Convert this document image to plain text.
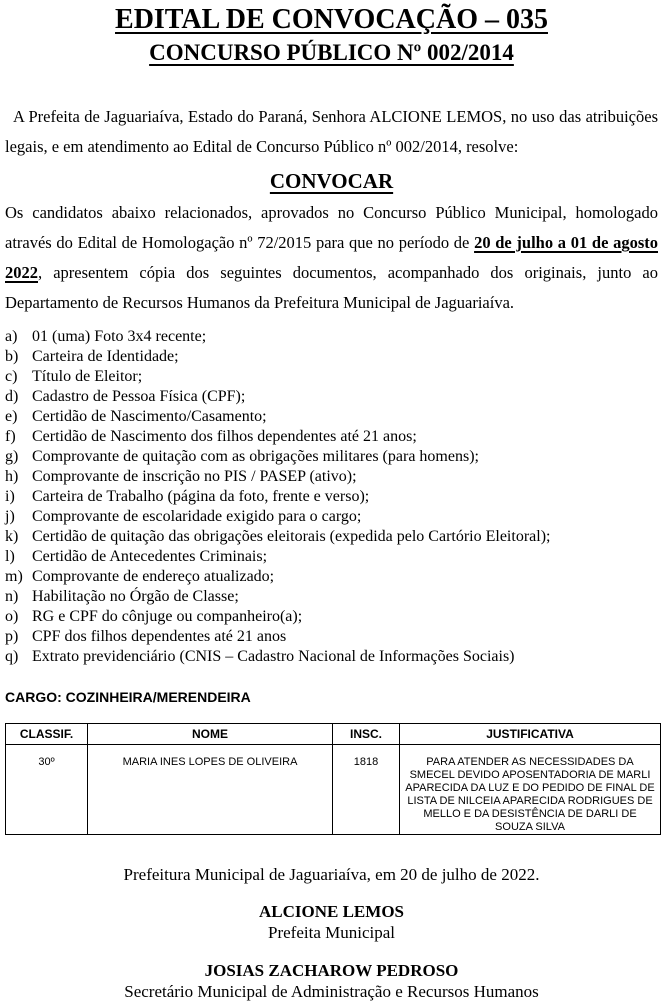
EDITAL DE CONVOCAÇÃO – 035
CONCURSO PÚBLICO Nº 002/2014

A Prefeita de Jaguariaíva, Estado do Paraná, Senhora ALCIONE LEMOS, no uso das atribuições legais, e em atendimento ao Edital de Concurso Público nº 002/2014, resolve:

CONVOCAR

Os candidatos abaixo relacionados, aprovados no Concurso Público Municipal, homologado através do Edital de Homologação nº 72/2015 para que no período de 20 de julho a 01 de agosto 2022, apresentem cópia dos seguintes documentos, acompanhado dos originais, junto ao Departamento de Recursos Humanos da Prefeitura Municipal de Jaguariaíva.

a) 01 (uma) Foto 3x4 recente;
b) Carteira de Identidade;
c) Título de Eleitor;
d) Cadastro de Pessoa Física (CPF);
e) Certidão de Nascimento/Casamento;
f)	Certidão de Nascimento dos filhos dependentes até 21 anos;
g) Comprovante de quitação com as obrigações militares (para homens);
h) Comprovante de inscrição no PIS / PASEP (ativo);
i)	Carteira de Trabalho (página da foto, frente e verso);
j)	Comprovante de escolaridade exigido para o cargo;
k) Certidão de quitação das obrigações eleitorais (expedida pelo Cartório Eleitoral);
l)	Certidão de Antecedentes Criminais;
m) Comprovante de endereço atualizado;
n) Habilitação no Órgão de Classe;
o) RG e CPF do cônjuge ou companheiro(a);
p) CPF dos filhos dependentes até 21 anos
q) Extrato previdenciário (CNIS – Cadastro Nacional de Informações Sociais)
CARGO: COZINHEIRA/MERENDEIRA
CLASSIF.	NOME	INSC.	JUSTIFICATIVA
30º	MARIA INES LOPES DE OLIVEIRA	1818	PARA ATENDER AS NECESSIDADES DA SMECEL DEVIDO APOSENTADORIA DE MARLI APARECIDA DA LUZ E DO PEDIDO DE FINAL DE LISTA DE NILCEIA APARECIDA RODRIGUES DE MELLO E DA DESISTÊNCIA DE DARLI DE SOUZA SILVA
Prefeitura Municipal de Jaguariaíva, em 20 de julho de 2022.
ALCIONE LEMOS
Prefeita Municipal
JOSIAS ZACHAROW PEDROSO
Secretário Municipal de Administração e Recursos Humanos
